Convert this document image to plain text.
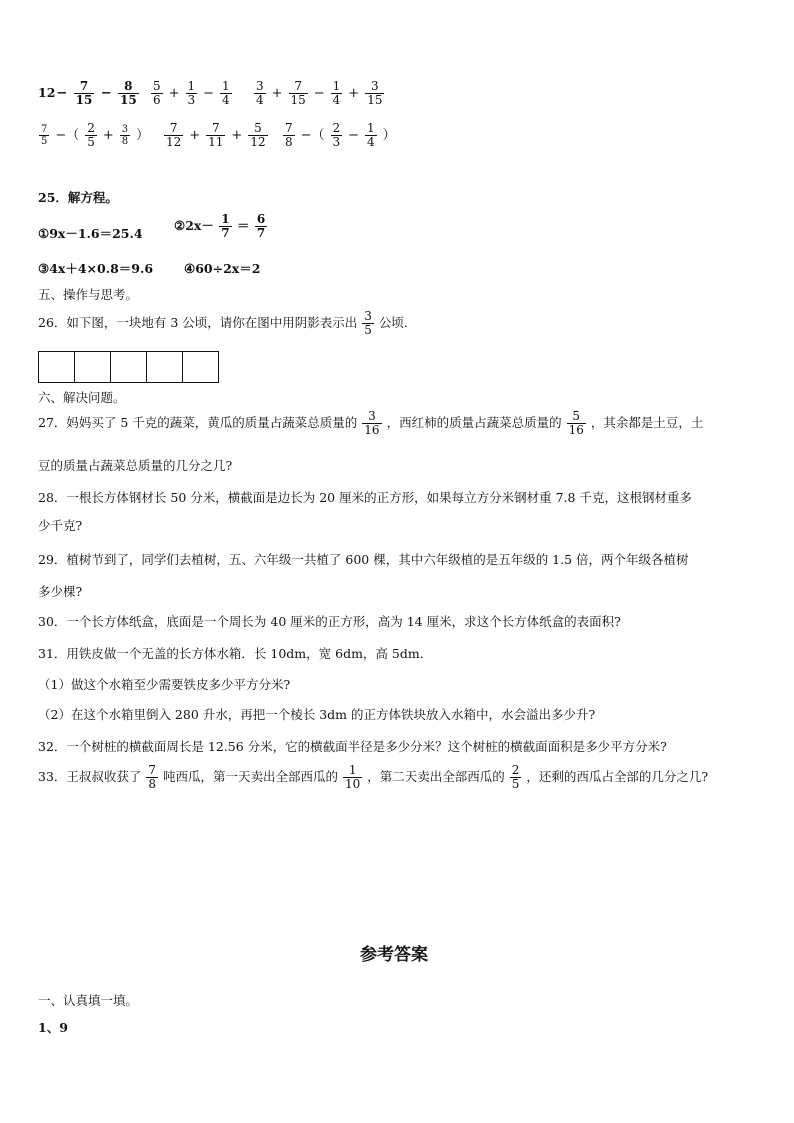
$12- \frac{7}{15} - \frac{8}{15} \frac{5}{6} + \frac{1}{3} - \frac{1}{4} \frac{3}{4} + \frac{7}{15} - \frac{1}{4} + \frac{3}{15}$
$\frac{7}{5}$ −（ $\frac{2}{5} + \frac{3}{8}$ ） $\frac{7}{12} + \frac{7}{11} + \frac{5}{12} \frac{7}{8}$ −（ $\frac{2}{3} - \frac{1}{4}$ ）
25．解方程。
①9x－1.6＝25.4
②2x－ $\frac{1}{7} = \frac{6}{7}$
③4x＋4×0.8＝9.6 ④60÷2x＝2
五、操作与思考。
26．如下图，一块地有 3 公顷，请你在图中用阴影表示出 $\frac{3}{5}$ 公顷.
六、解决问题。
27．妈妈买了 5 千克的蔬菜，黄瓜的质量占蔬菜总质量的 $\frac{3}{16}$ ，西红柿的质量占蔬菜总质量的 $\frac{5}{16}$ ，其余都是土豆，土
豆的质量占蔬菜总质量的几分之几?
28．一根长方体钢材长 50 分米，横截面是边长为 20 厘米的正方形，如果每立方分米钢材重 7.8 千克，这根钢材重多
少千克?
29．植树节到了，同学们去植树，五、六年级一共植了 600 棵，其中六年级植的是五年级的 1.5 倍，两个年级各植树
多少棵?
30．一个长方体纸盒，底面是一个周长为 40 厘米的正方形，高为 14 厘米，求这个长方体纸盒的表面积?
31．用铁皮做一个无盖的长方体水箱．长 10dm，宽 6dm，高 5dm．
（1）做这个水箱至少需要铁皮多少平方分米?
（2）在这个水箱里倒入 280 升水，再把一个棱长 3dm 的正方体铁块放入水箱中，水会溢出多少升?
32．一个树桩的横截面周长是 12.56 分米，它的横截面半径是多少分米？这个树桩的横截面面积是多少平方分米?
33．王叔叔收获了 $\frac{7}{8}$ 吨西瓜，第一天卖出全部西瓜的 $\frac{1}{10}$ ，第二天卖出全部西瓜的 $\frac{2}{5}$ ，还剩的西瓜占全部的几分之几?
参考答案
一、认真填一填。
1、9
